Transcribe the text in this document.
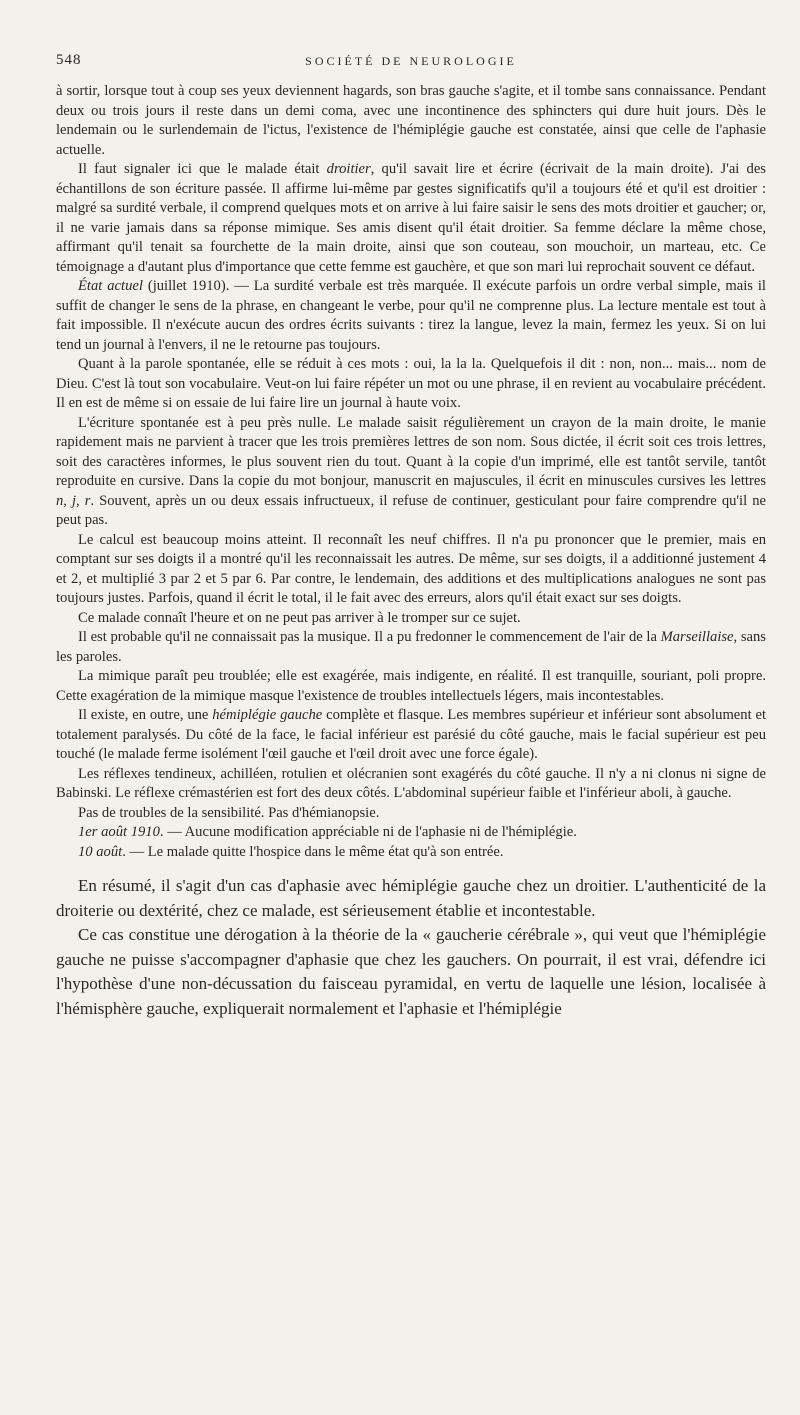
548	SOCIÉTÉ DE NEUROLOGIE

à sortir, lorsque tout à coup ses yeux deviennent hagards, son bras gauche s'agite, et il tombe sans connaissance. Pendant deux ou trois jours il reste dans un demi coma, avec une incontinence des sphincters qui dure huit jours. Dès le lendemain ou le surlendemain de l'ictus, l'existence de l'hémiplégie gauche est constatée, ainsi que celle de l'aphasie actuelle.

Il faut signaler ici que le malade était droitier, qu'il savait lire et écrire (écrivait de la main droite). J'ai des échantillons de son écriture passée. Il affirme lui-même par gestes significatifs qu'il a toujours été et qu'il est droitier : malgré sa surdité verbale, il comprend quelques mots et on arrive à lui faire saisir le sens des mots droitier et gaucher; or, il ne varie jamais dans sa réponse mimique. Ses amis disent qu'il était droitier. Sa femme déclare la même chose, affirmant qu'il tenait sa fourchette de la main droite, ainsi que son couteau, son mouchoir, un marteau, etc. Ce témoignage a d'autant plus d'importance que cette femme est gauchère, et que son mari lui reprochait souvent ce défaut.

État actuel (juillet 1910). — La surdité verbale est très marquée. Il exécute parfois un ordre verbal simple, mais il suffit de changer le sens de la phrase, en changeant le verbe, pour qu'il ne comprenne plus. La lecture mentale est tout à fait impossible. Il n'exécute aucun des ordres écrits suivants : tirez la langue, levez la main, fermez les yeux. Si on lui tend un journal à l'envers, il ne le retourne pas toujours.

Quant à la parole spontanée, elle se réduit à ces mots : oui, la la la. Quelquefois il dit : non, non... mais... nom de Dieu. C'est là tout son vocabulaire. Veut-on lui faire répéter un mot ou une phrase, il en revient au vocabulaire précédent. Il en est de même si on essaie de lui faire lire un journal à haute voix.

L'écriture spontanée est à peu près nulle. Le malade saisit régulièrement un crayon de la main droite, le manie rapidement mais ne parvient à tracer que les trois premières lettres de son nom. Sous dictée, il écrit soit ces trois lettres, soit des caractères informes, le plus souvent rien du tout. Quant à la copie d'un imprimé, elle est tantôt servile, tantôt reproduite en cursive. Dans la copie du mot bonjour, manuscrit en majuscules, il écrit en minuscules cursives les lettres n, j, r. Souvent, après un ou deux essais infructueux, il refuse de continuer, gesticulant pour faire comprendre qu'il ne peut pas.

Le calcul est beaucoup moins atteint. Il reconnaît les neuf chiffres. Il n'a pu prononcer que le premier, mais en comptant sur ses doigts il a montré qu'il les reconnaissait les autres. De même, sur ses doigts, il a additionné justement 4 et 2, et multiplié 3 par 2 et 5 par 6. Par contre, le lendemain, des additions et des multiplications analogues ne sont pas toujours justes. Parfois, quand il écrit le total, il le fait avec des erreurs, alors qu'il était exact sur ses doigts.

Ce malade connaît l'heure et on ne peut pas arriver à le tromper sur ce sujet.

Il est probable qu'il ne connaissait pas la musique. Il a pu fredonner le commencement de l'air de la Marseillaise, sans les paroles.

La mimique paraît peu troublée; elle est exagérée, mais indigente, en réalité. Il est tranquille, souriant, poli propre. Cette exagération de la mimique masque l'existence de troubles intellectuels légers, mais incontestables.

Il existe, en outre, une hémiplégie gauche complète et flasque. Les membres supérieur et inférieur sont absolument et totalement paralysés. Du côté de la face, le facial inférieur est parésié du côté gauche, mais le facial supérieur est peu touché (le malade ferme isolément l'œil gauche et l'œil droit avec une force égale).

Les réflexes tendineux, achilléen, rotulien et olécranien sont exagérés du côté gauche. Il n'y a ni clonus ni signe de Babinski. Le réflexe crémastérien est fort des deux côtés. L'abdominal supérieur faible et l'inférieur aboli, à gauche.

Pas de troubles de la sensibilité. Pas d'hémianopsie.

1er août 1910. — Aucune modification appréciable ni de l'aphasie ni de l'hémiplégie.

10 août. — Le malade quitte l'hospice dans le même état qu'à son entrée.

En résumé, il s'agit d'un cas d'aphasie avec hémiplégie gauche chez un droitier. L'authenticité de la droiterie ou dextérité, chez ce malade, est sérieusement établie et incontestable.

Ce cas constitue une dérogation à la théorie de la « gaucherie cérébrale », qui veut que l'hémiplégie gauche ne puisse s'accompagner d'aphasie que chez les gauchers. On pourrait, il est vrai, défendre ici l'hypothèse d'une non-décussation du faisceau pyramidal, en vertu de laquelle une lésion, localisée à l'hémisphère gauche, expliquerait normalement et l'aphasie et l'hémiplégie
